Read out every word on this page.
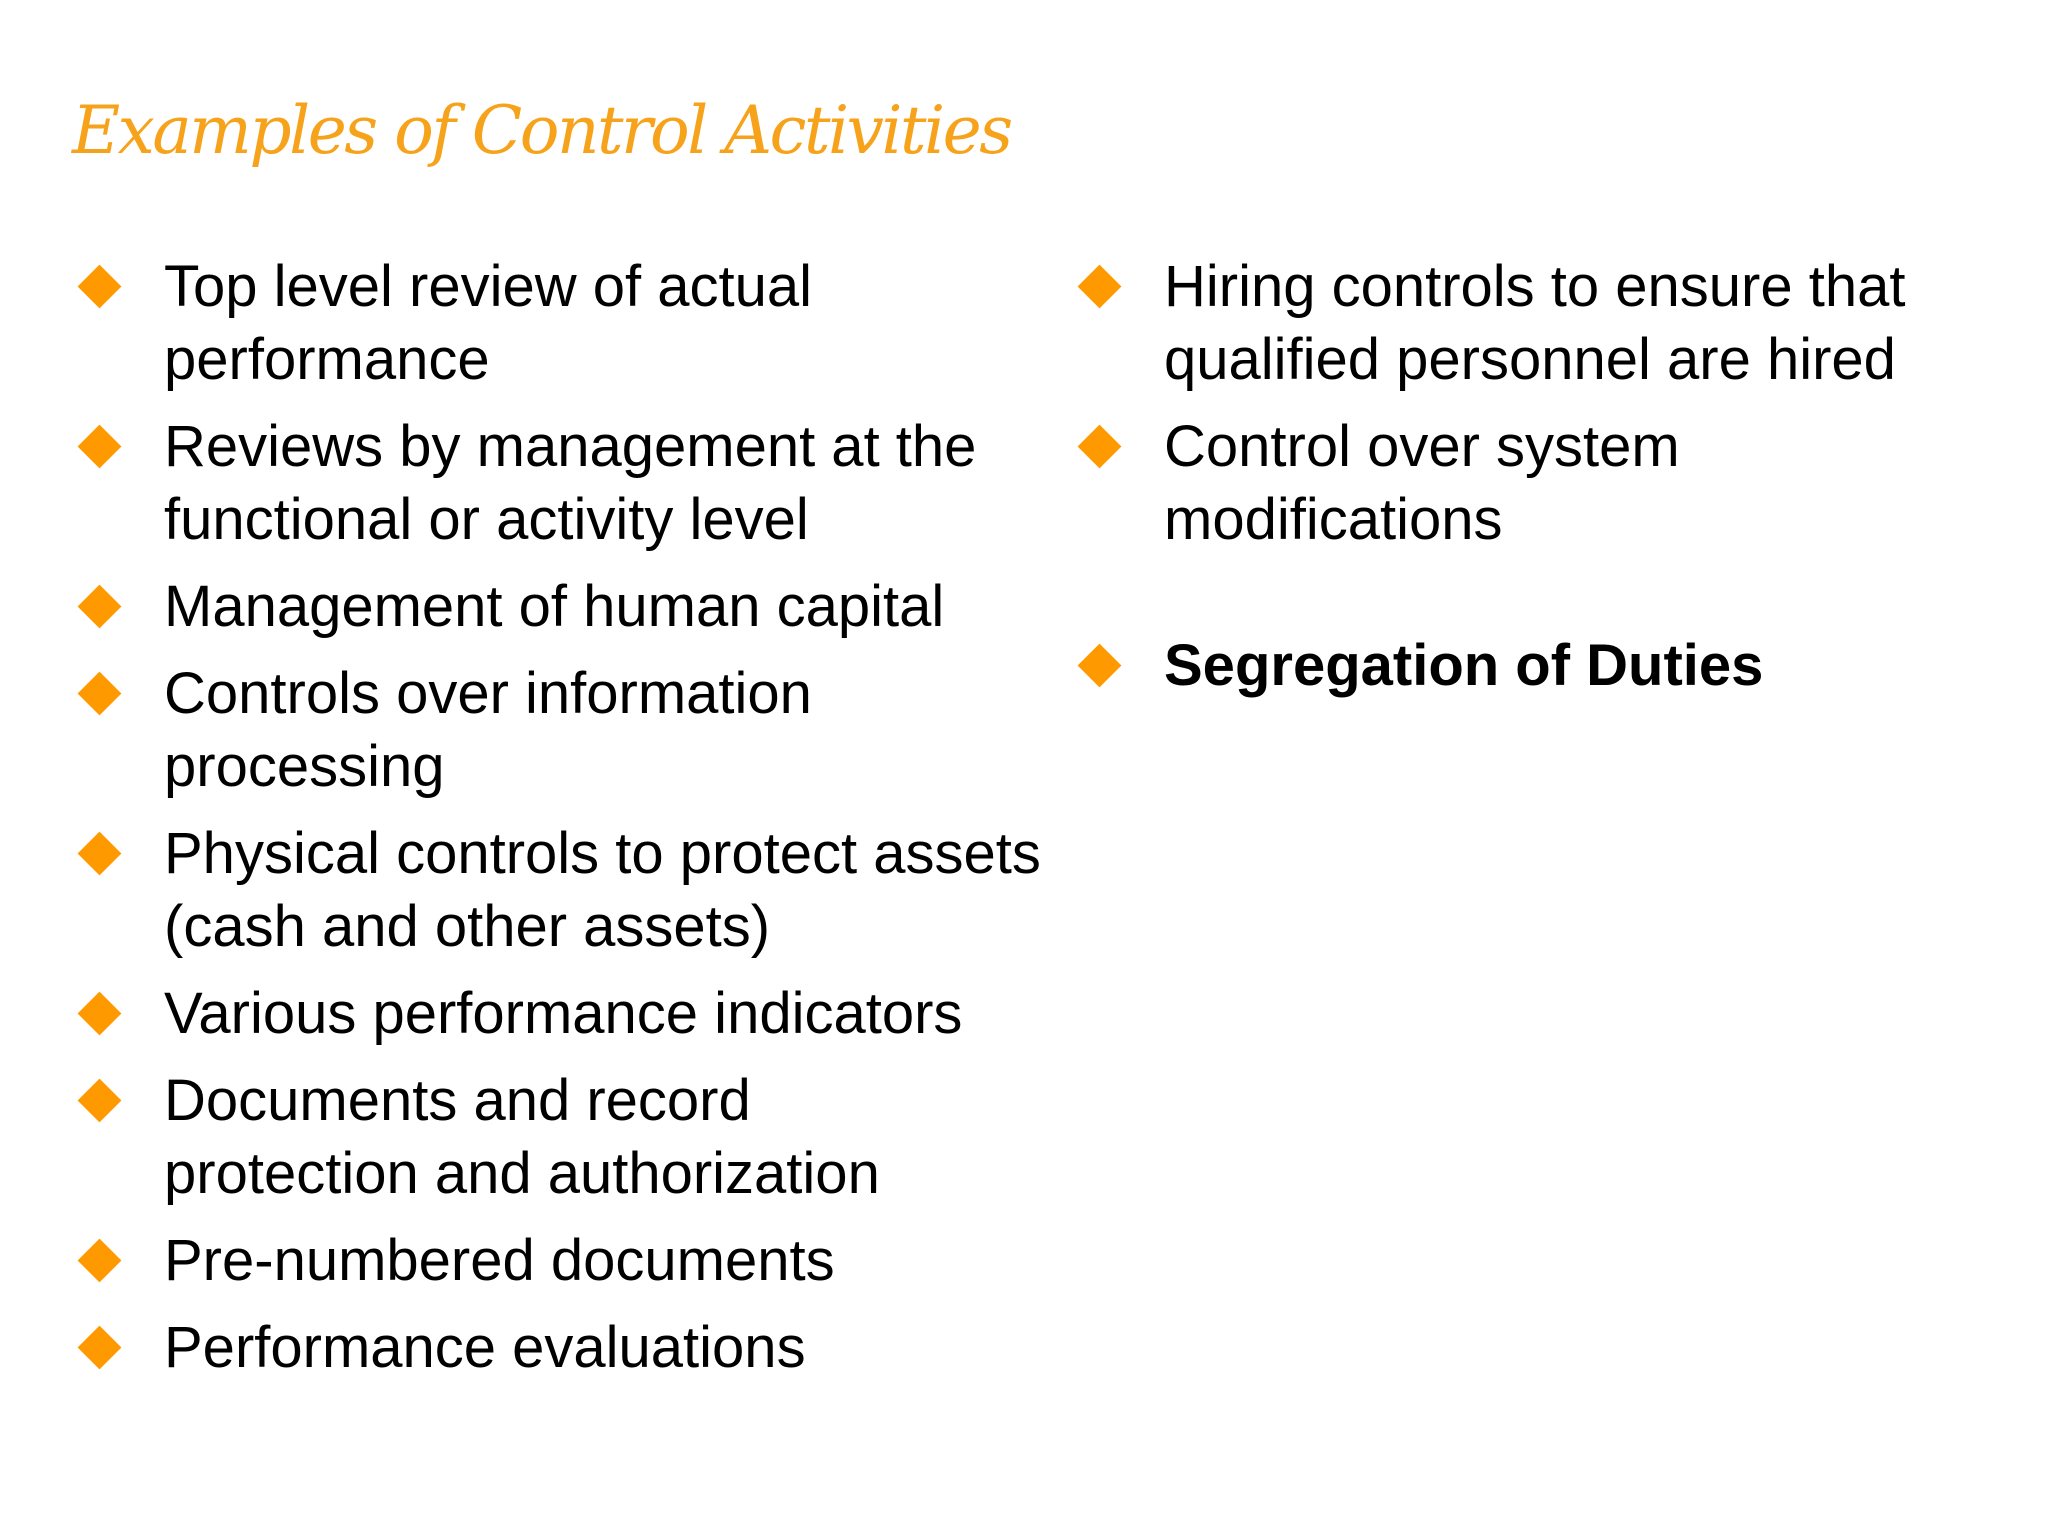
Examples of Control Activities
Top level review of actual performance
Reviews by management at the functional or activity level
Management of human capital
Controls over information processing
Physical controls to protect assets (cash and other assets)
Various performance indicators
Documents and record protection and authorization
Pre-numbered documents
Performance evaluations
Hiring controls to ensure that qualified personnel are hired
Control over system modifications
Segregation of Duties
